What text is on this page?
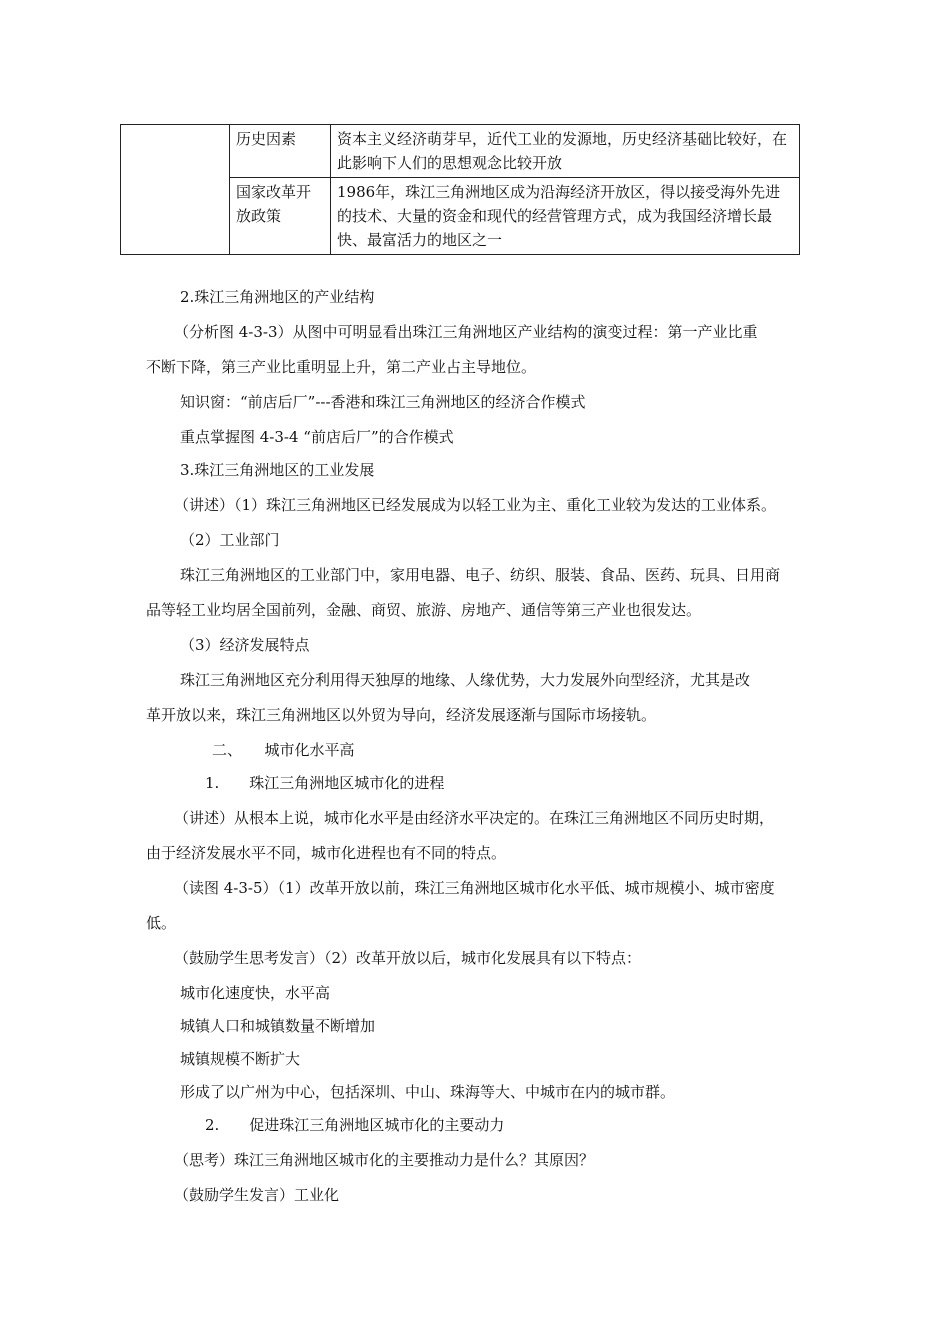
	历史因素	资本主义经济萌芽早，近代工业的发源地，历史经济基础比较好，在此影响下人们的思想观念比较开放
	国家改革开放政策	1986年，珠江三角洲地区成为沿海经济开放区，得以接受海外先进的技术、大量的资金和现代的经营管理方式，成为我国经济增长最快、最富活力的地区之一
2.珠江三角洲地区的产业结构
（分析图 4-3-3）从图中可明显看出珠江三角洲地区产业结构的演变过程：第一产业比重
不断下降，第三产业比重明显上升，第二产业占主导地位。
知识窗：“前店后厂”---香港和珠江三角洲地区的经济合作模式
重点掌握图 4-3-4 “前店后厂”的合作模式
3.珠江三角洲地区的工业发展
（讲述）（1）珠江三角洲地区已经发展成为以轻工业为主、重化工业较为发达的工业体系。
（2）工业部门
珠江三角洲地区的工业部门中，家用电器、电子、纺织、服装、食品、医药、玩具、日用商
品等轻工业均居全国前列，金融、商贸、旅游、房地产、通信等第三产业也很发达。
（3）经济发展特点
珠江三角洲地区充分利用得天独厚的地缘、人缘优势，大力发展外向型经济，尤其是改
革开放以来，珠江三角洲地区以外贸为导向，经济发展逐渐与国际市场接轨。
二、　　城市化水平高
1.　　珠江三角洲地区城市化的进程
（讲述）从根本上说，城市化水平是由经济水平决定的。在珠江三角洲地区不同历史时期，
由于经济发展水平不同，城市化进程也有不同的特点。
（读图 4-3-5）（1）改革开放以前，珠江三角洲地区城市化水平低、城市规模小、城市密度
低。
（鼓励学生思考发言）（2）改革开放以后，城市化发展具有以下特点：
城市化速度快，水平高
城镇人口和城镇数量不断增加
城镇规模不断扩大
形成了以广州为中心，包括深圳、中山、珠海等大、中城市在内的城市群。
2.　　促进珠江三角洲地区城市化的主要动力
（思考）珠江三角洲地区城市化的主要推动力是什么？其原因？
（鼓励学生发言）工业化
